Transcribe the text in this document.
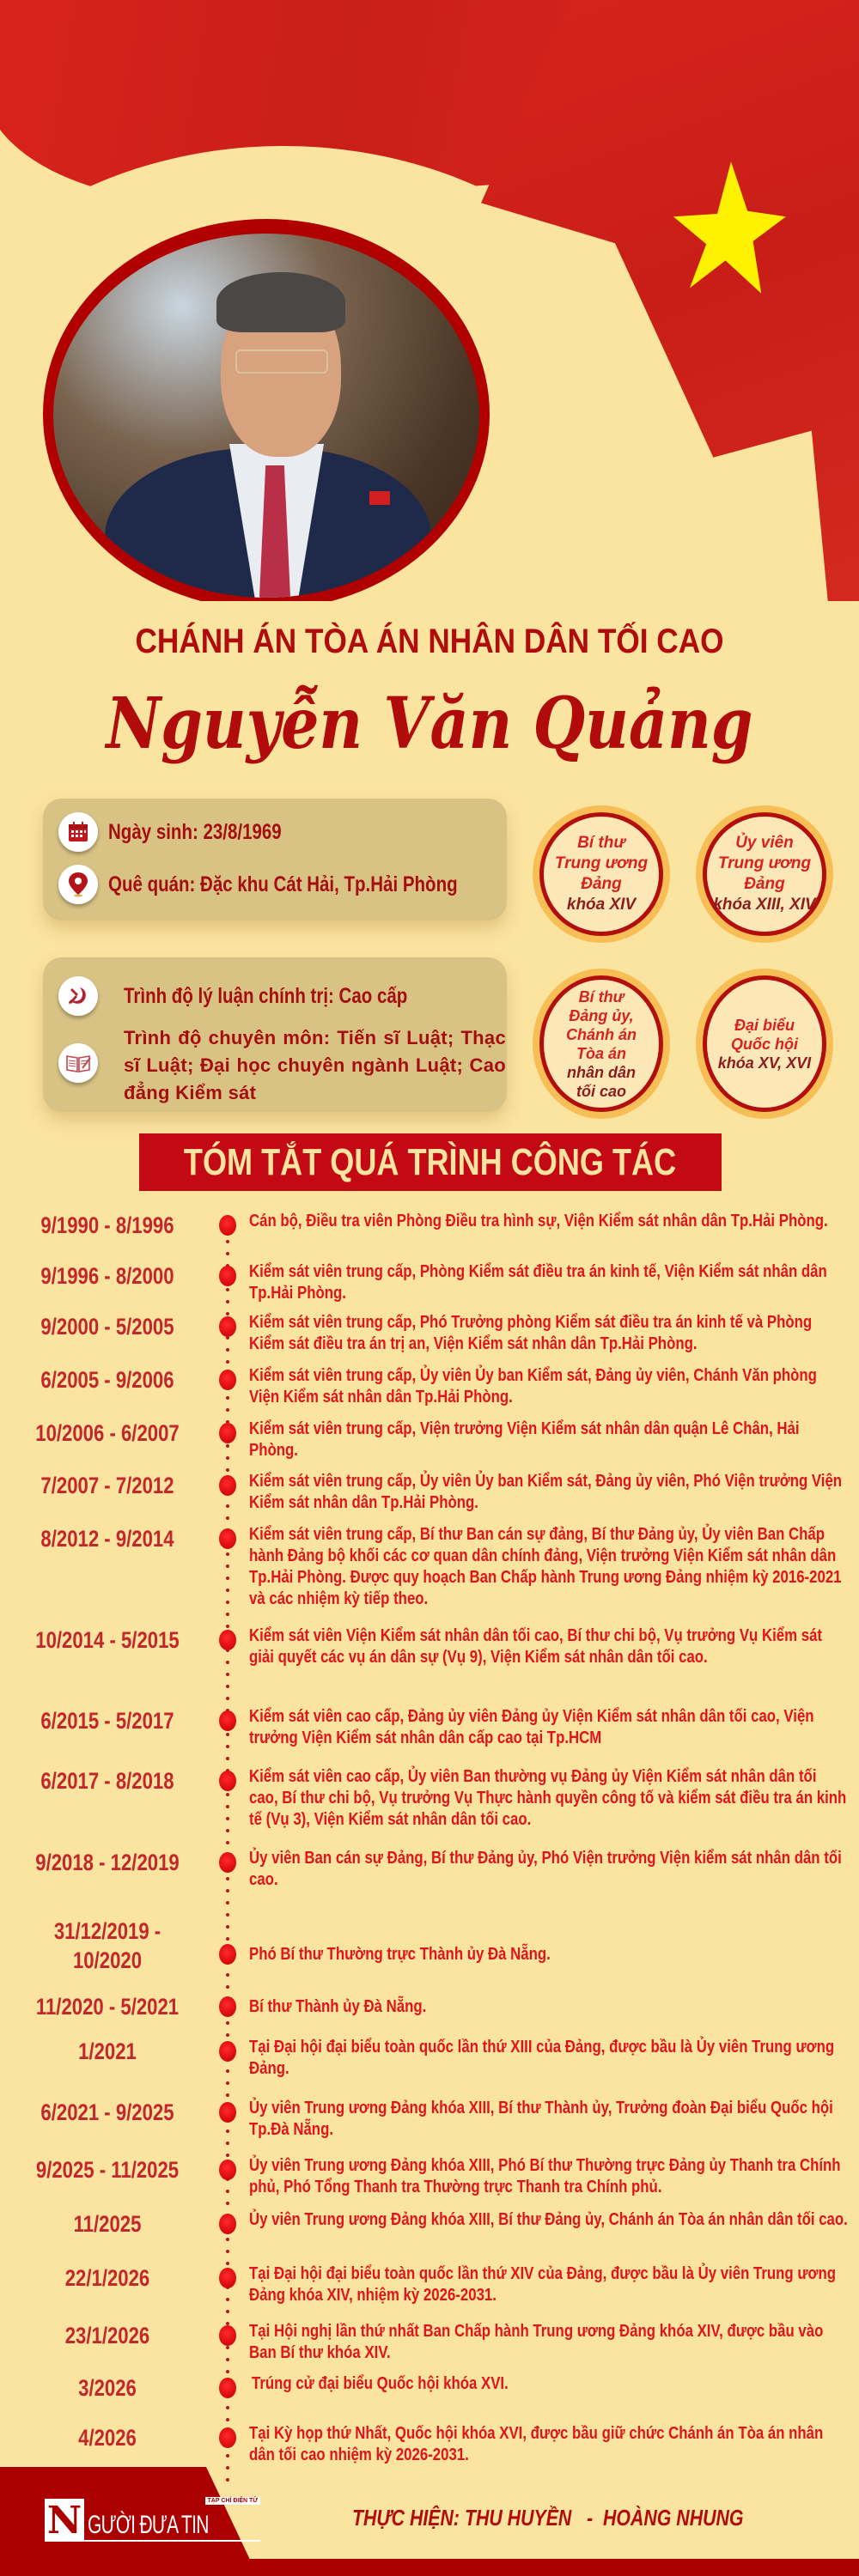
CHÁNH ÁN TÒA ÁN NHÂN DÂN TỐI CAO
Nguyễn Văn Quảng
Ngày sinh: 23/8/1969
Quê quán: Đặc khu Cát Hải, Tp.Hải Phòng
Trình độ lý luận chính trị: Cao cấp
Trình độ chuyên môn: Tiến sĩ Luật; Thạc sĩ Luật; Đại học chuyên ngành Luật; Cao đẳng Kiểm sát
Bí thư
Trung ương
Đảng
khóa XIV
Ủy viên
Trung ương
Đảng
khóa XIII, XIV
Bí thư
Đảng ủy,
Chánh án
Tòa án
nhân dân
tối cao
Đại biểu
Quốc hội
khóa XV, XVI
TÓM TẮT QUÁ TRÌNH CÔNG TÁC
9/1990 - 8/1996	Cán bộ, Điều tra viên Phòng Điều tra hình sự, Viện Kiểm sát nhân dân Tp.Hải Phòng.
9/1996 - 8/2000	Kiểm sát viên trung cấp, Phòng Kiểm sát điều tra án kinh tế, Viện Kiểm sát nhân dân Tp.Hải Phòng.
9/2000 - 5/2005	Kiểm sát viên trung cấp, Phó Trưởng phòng Kiểm sát điều tra án kinh tế và Phòng Kiểm sát điều tra án trị an, Viện Kiểm sát nhân dân Tp.Hải Phòng.
6/2005 - 9/2006	Kiểm sát viên trung cấp, Ủy viên Ủy ban Kiểm sát, Đảng ủy viên, Chánh Văn phòng Viện Kiểm sát nhân dân Tp.Hải Phòng.
10/2006 - 6/2007	Kiểm sát viên trung cấp, Viện trưởng Viện Kiểm sát nhân dân quận Lê Chân, Hải Phòng.
7/2007 - 7/2012	Kiểm sát viên trung cấp, Ủy viên Ủy ban Kiểm sát, Đảng ủy viên, Phó Viện trưởng Viện Kiểm sát nhân dân Tp.Hải Phòng.
8/2012 - 9/2014	Kiểm sát viên trung cấp, Bí thư Ban cán sự đảng, Bí thư Đảng ủy, Ủy viên Ban Chấp hành Đảng bộ khối các cơ quan dân chính đảng, Viện trưởng Viện Kiểm sát nhân dân Tp.Hải Phòng. Được quy hoạch Ban Chấp hành Trung ương Đảng nhiệm kỳ 2016-2021 và các nhiệm kỳ tiếp theo.
10/2014 - 5/2015	Kiểm sát viên Viện Kiểm sát nhân dân tối cao, Bí thư chi bộ, Vụ trưởng Vụ Kiểm sát giải quyết các vụ án dân sự (Vụ 9), Viện Kiểm sát nhân dân tối cao.
6/2015 - 5/2017	Kiểm sát viên cao cấp, Đảng ủy viên Đảng ủy Viện Kiểm sát nhân dân tối cao, Viện trưởng Viện Kiểm sát nhân dân cấp cao tại Tp.HCM
6/2017 - 8/2018	Kiểm sát viên cao cấp, Ủy viên Ban thường vụ Đảng ủy Viện Kiểm sát nhân dân tối cao, Bí thư chi bộ, Vụ trưởng Vụ Thực hành quyền công tố và kiểm sát điều tra án kinh tế (Vụ 3), Viện Kiểm sát nhân dân tối cao.
9/2018 - 12/2019	Ủy viên Ban cán sự Đảng, Bí thư Đảng ủy, Phó Viện trưởng Viện kiểm sát nhân dân tối cao.
31/12/2019 - 10/2020	Phó Bí thư Thường trực Thành ủy Đà Nẵng.
11/2020 - 5/2021	Bí thư Thành ủy Đà Nẵng.
1/2021	Tại Đại hội đại biểu toàn quốc lần thứ XIII của Đảng, được bầu là Ủy viên Trung ương Đảng.
6/2021 - 9/2025	Ủy viên Trung ương Đảng khóa XIII, Bí thư Thành ủy, Trưởng đoàn Đại biểu Quốc hội Tp.Đà Nẵng.
9/2025 - 11/2025	Ủy viên Trung ương Đảng khóa XIII, Phó Bí thư Thường trực Đảng ủy Thanh tra Chính phủ, Phó Tổng Thanh tra Thường trực Thanh tra Chính phủ.
11/2025	Ủy viên Trung ương Đảng khóa XIII, Bí thư Đảng ủy, Chánh án Tòa án nhân dân tối cao.
22/1/2026	Tại Đại hội đại biểu toàn quốc lần thứ XIV của Đảng, được bầu là Ủy viên Trung ương Đảng khóa XIV, nhiệm kỳ 2026-2031.
23/1/2026	Tại Hội nghị lần thứ nhất Ban Chấp hành Trung ương Đảng khóa XIV, được bầu vào Ban Bí thư khóa XIV.
3/2026	Trúng cử đại biểu Quốc hội khóa XVI.
4/2026	Tại Kỳ họp thứ Nhất, Quốc hội khóa XVI, được bầu giữ chức Chánh án Tòa án nhân dân tối cao nhiệm kỳ 2026-2031.
N	TẠP CHÍ ĐIỆN TỬ
GƯỜI ĐƯA TIN	THỰC HIỆN: THU HUYỀN   -  HOÀNG NHUNG
